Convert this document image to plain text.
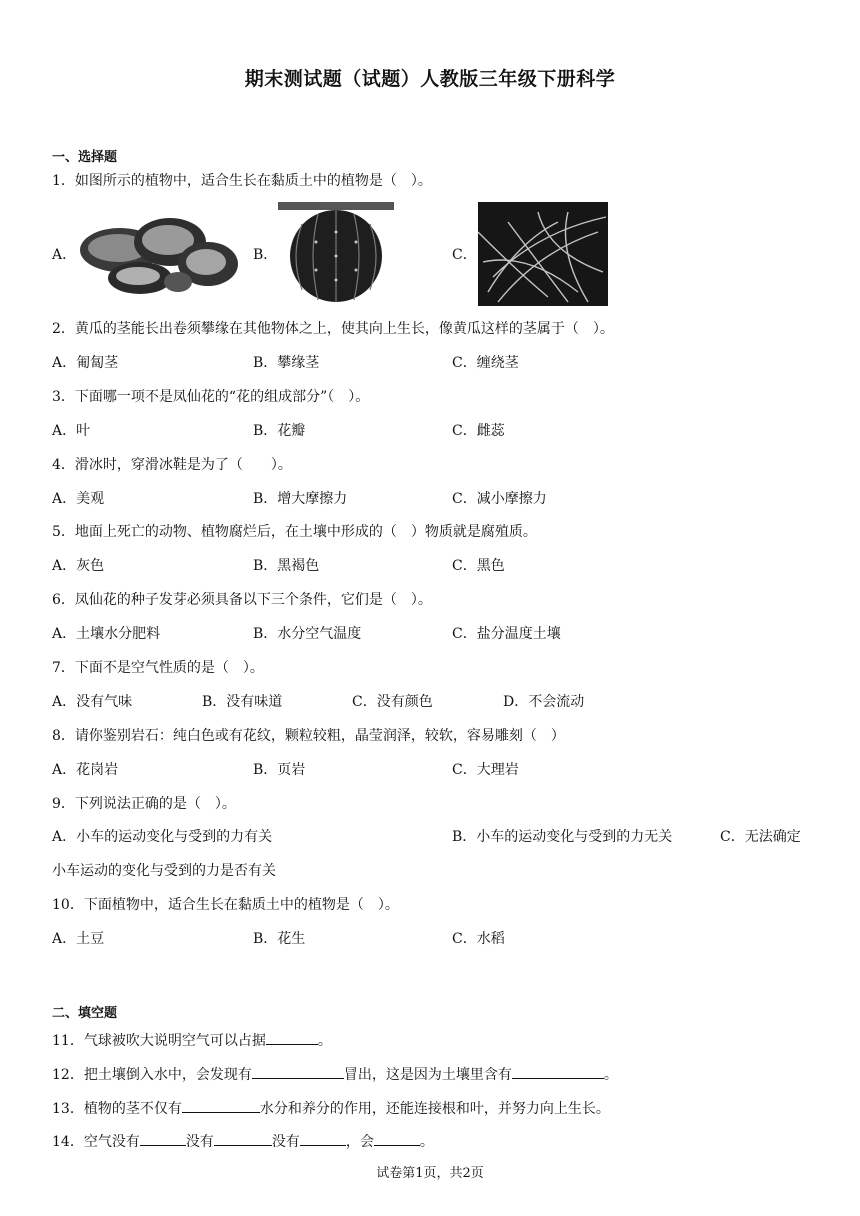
期末测试题（试题）人教版三年级下册科学
一、选择题
1．如图所示的植物中，适合生长在黏质土中的植物是（　）。
A．	B．	C．
2．黄瓜的茎能长出卷须攀缘在其他物体之上，使其向上生长，像黄瓜这样的茎属于（　）。
A．匍匐茎	B．攀缘茎	C．缠绕茎
3．下面哪一项不是凤仙花的“花的组成部分”（　）。
A．叶	B．花瓣	C．雌蕊
4．滑冰时，穿滑冰鞋是为了（　　）。
A．美观	B．增大摩擦力	C．减小摩擦力
5．地面上死亡的动物、植物腐烂后，在土壤中形成的（　）物质就是腐殖质。
A．灰色	B．黑褐色	C．黑色
6．凤仙花的种子发芽必须具备以下三个条件，它们是（　）。
A．土壤水分肥料	B．水分空气温度	C．盐分温度土壤
7．下面不是空气性质的是（　）。
A．没有气味	B．没有味道	C．没有颜色	D．不会流动
8．请你鉴别岩石：纯白色或有花纹，颗粒较粗，晶莹润泽，较软，容易雕刻（　）
A．花岗岩	B．页岩	C．大理岩
9．下列说法正确的是（　）。
A．小车的运动变化与受到的力有关	B．小车的运动变化与受到的力无关	C．无法确定
小车运动的变化与受到的力是否有关
10．下面植物中，适合生长在黏质土中的植物是（　）。
A．土豆	B．花生	C．水稻
二、填空题
11．气球被吹大说明空气可以占据	。
12．把土壤倒入水中，会发现有	冒出，这是因为土壤里含有	。
13．植物的茎不仅有	水分和养分的作用，还能连接根和叶，并努力向上生长。
14．空气没有	没有	没有	，会	。
试卷第1页，共2页
